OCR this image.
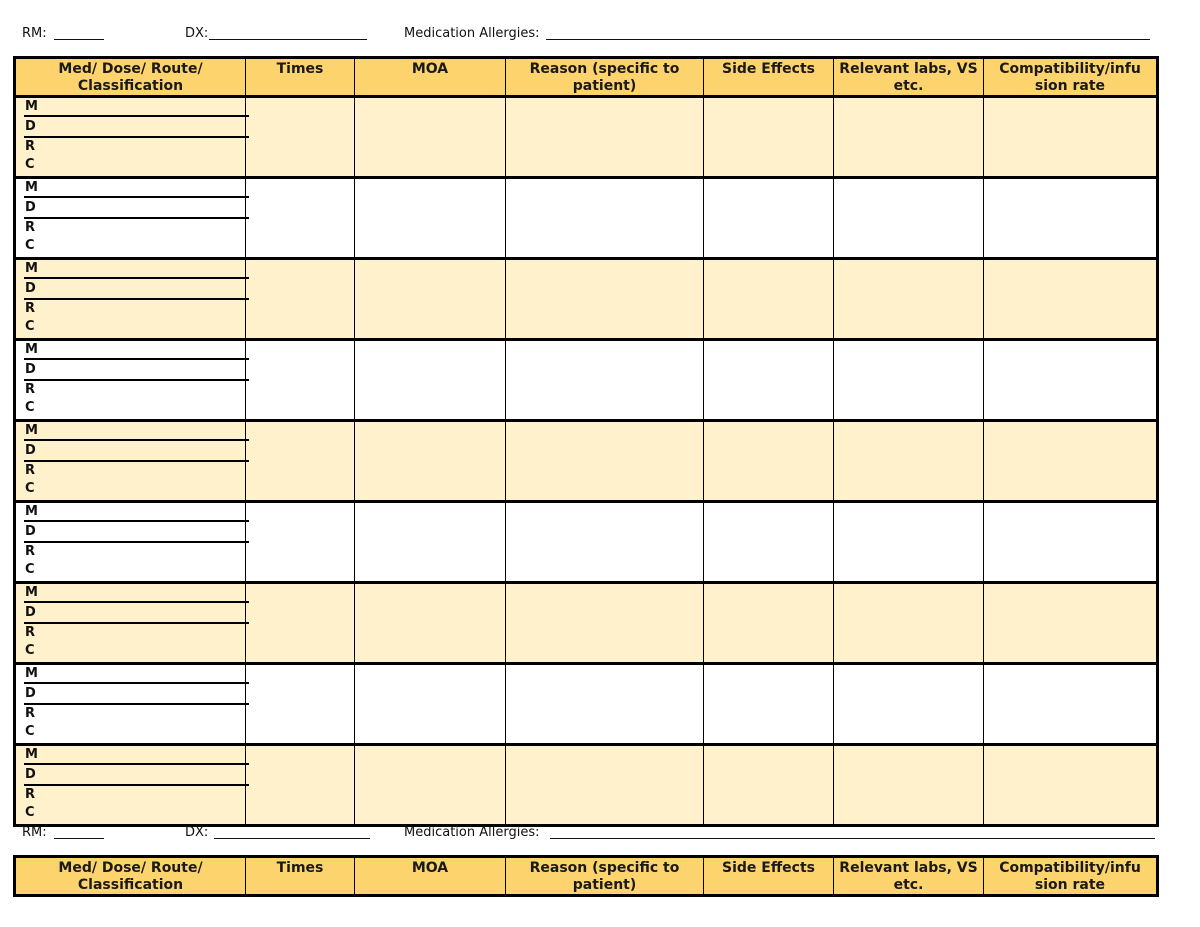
RM:	DX:	Medication Allergies:
Med/ Dose/ Route/ Classification	Times	MOA	Reason (specific to patient)	Side Effects	Relevant labs, VS etc.	Compatibility/infu sion rate

M
D
R
C						

M
D
R
C						

M
D
R
C						

M
D
R
C						

M
D
R
C						

M
D
R
C						

M
D
R
C						

M
D
R
C						

M
D
R
C						

RM:	DX:	Medication Allergies:
Med/ Dose/ Route/ Classification	Times	MOA	Reason (specific to patient)	Side Effects	Relevant labs, VS etc.	Compatibility/infu sion rate
